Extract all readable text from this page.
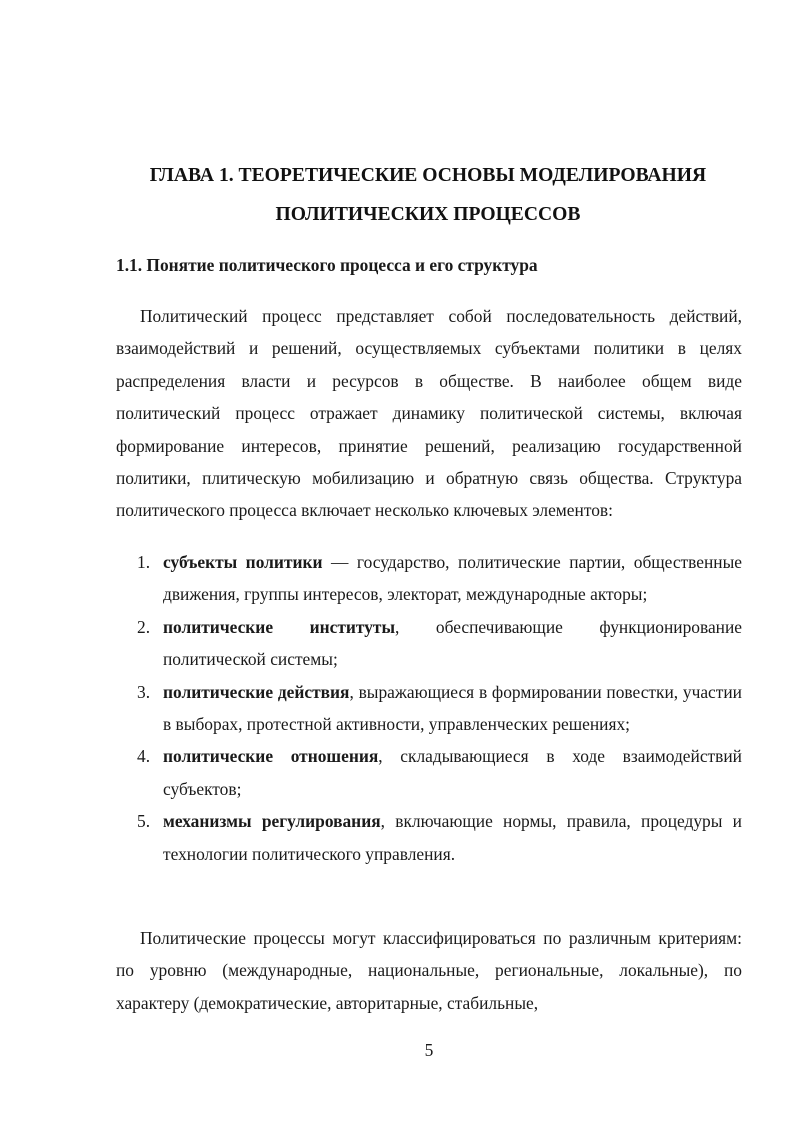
ГЛАВА 1. ТЕОРЕТИЧЕСКИЕ ОСНОВЫ МОДЕЛИРОВАНИЯ
ПОЛИТИЧЕСКИХ ПРОЦЕССОВ
1.1. Понятие политического процесса и его структура
Политический процесс представляет собой последовательность действий, взаимодействий и решений, осуществляемых субъектами политики в целях распределения власти и ресурсов в обществе. В наиболее общем виде политический процесс отражает динамику политической системы, включая формирование интересов, принятие решений, реализацию государственной политики, плитическую мобилизацию и обратную связь общества. Структура политического процесса включает несколько ключевых элементов:
1. субъекты политики — государство, политические партии, общественные движения, группы интересов, электорат, международные акторы;
2. политические институты, обеспечивающие функционирование политической системы;
3. политические действия, выражающиеся в формировании повестки, участии в выборах, протестной активности, управленческих решениях;
4. политические отношения, складывающиеся в ходе взаимодействий субъектов;
5. механизмы регулирования, включающие нормы, правила, процедуры и технологии политического управления.
Политические процессы могут классифицироваться по различным критериям: по уровню (международные, национальные, региональные, локальные), по характеру (демократические, авторитарные, стабильные,
5
